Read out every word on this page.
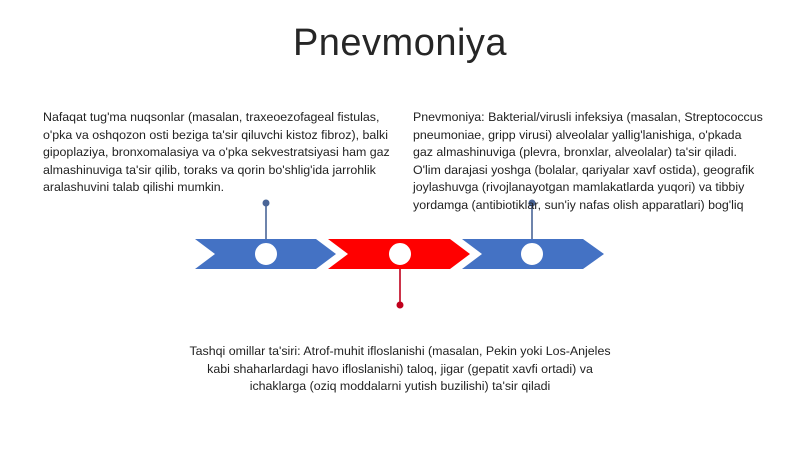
Pnevmoniya
Nafaqat tug'ma nuqsonlar (masalan, traxeoezofageal fistulas, o'pka va oshqozon osti beziga ta'sir qiluvchi kistoz fibroz), balki gipoplaziya, bronxomalasiya va o'pka sekvestratsiyasi ham gaz almashinuviga ta'sir qilib, toraks va qorin bo'shlig'ida jarrohlik aralashuvini talab qilishi mumkin.
Pnevmoniya: Bakterial/virusli infeksiya (masalan, Streptococcus pneumoniae, gripp virusi) alveolalar yallig'lanishiga, o'pkada gaz almashinuviga (plevra, bronxlar, alveolalar) ta'sir qiladi. O'lim darajasi yoshga (bolalar, qariyalar xavf ostida), geografik joylashuvga (rivojlanayotgan mamlakatlarda yuqori) va tibbiy yordamga (antibiotiklar, sun'iy nafas olish apparatlari) bog'liq
Tashqi omillar ta'siri: Atrof-muhit ifloslanishi (masalan, Pekin yoki Los-Anjeles kabi shaharlardagi havo ifloslanishi) taloq, jigar (gepatit xavfi ortadi) va ichaklarga (oziq moddalarni yutish buzilishi) ta'sir qiladi
